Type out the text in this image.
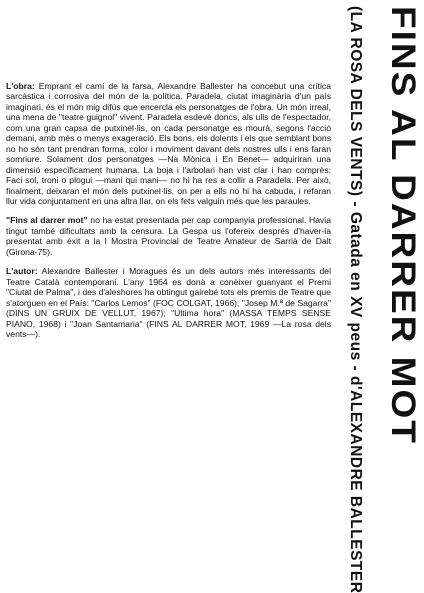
L'obra: Emprant el camí de la farsa, Alexandre Ballester ha concebut una crítica sarcàstica i corrosiva del món de la política. Paradela, ciutat imaginària d'un país imaginari, és el món mig difús que encercla els personatges de l'obra. Un món irreal, una mena de "teatre guignol" vivent. Paradela esdevé doncs, als ulls de l'espectador, com una gran capsa de putxinel·lis, on cada personatge es mourà, segons l'acció demani, amb més o menys exageració. Els bons, els dolents i els que semblant bons no ho són tant prendran forma, color i moviment davant dels nostres ulls i ens faran somriure. Solament dos personatges —Na Mònica i En Benet— adquiriran una dimensió específicament humana. La boja i l'arbolari han vist clar i han comprès: Faci sol, troni o plogui —mani qui mani— no hi ha res a collir a Paradela. Per això, finalment, deixaran el món dels putxinel·lis, on per a ells no hi ha cabuda, i refaran llur vida conjuntament en una altra llar, on els fets valguin més que les paraules.

"Fins al darrer mot" no ha estat presentada per cap companyia professional. Havia tingut també dificultats amb la censura. La Gespa us l'ofereix després d'haver-la presentat amb èxit a la I Mostra Provincial de Teatre Amateur de Sarrià de Dalt (Girona-75).

L'autor: Alexandre Ballester i Moragues és un dels autors més interessants del Teatre Català contemporani. L'any 1964 es donà a conèixer guanyant el Premi "Ciutat de Palma", i des d'aleshores ha obtingut gairebé tots els premis de Teatre que s'atorguen en el País: "Carlos Lemos" (FOC COLGAT, 1966); "Josep M.ª de Sagarra" (DINS UN GRUIX DE VELLUT, 1967); "Ultima hora" (MASSA TEMPS SENSE PIANO, 1968) i "Joan Santamaria" (FINS AL DARRER MOT, 1969 —La rosa dels vents—).	FINS AL DARRER MOT
(LA ROSA DELS VENTS) - Gatada en XV peus - d'ALEXANDRE BALLESTER
